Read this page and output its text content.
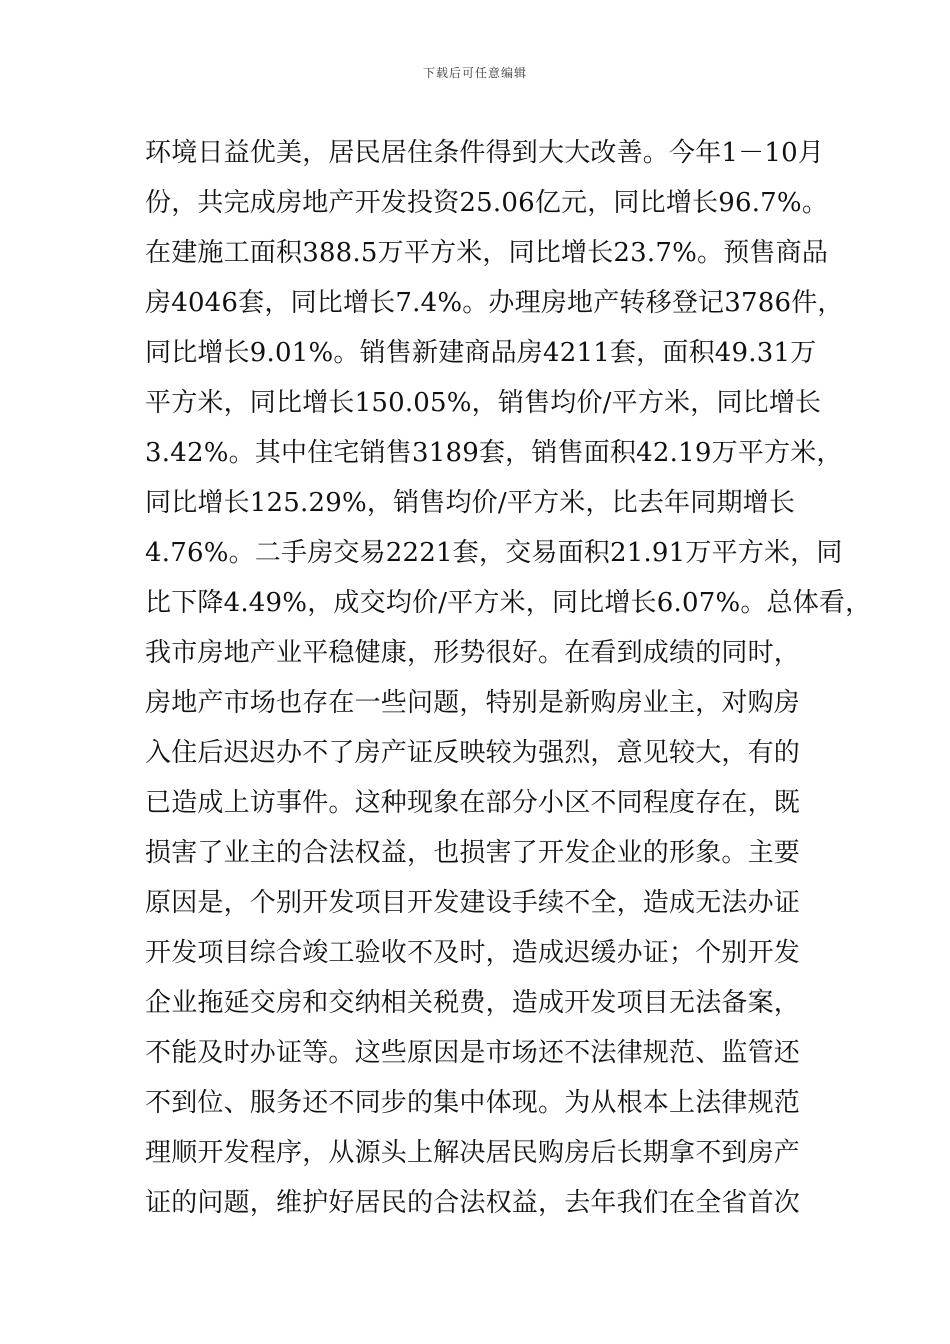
下载后可任意编辑
环境日益优美，居民居住条件得到大大改善。今年1－10月
份，共完成房地产开发投资25.06亿元，同比增长96.7%。
在建施工面积388.5万平方米，同比增长23.7%。预售商品
房4046套，同比增长7.4%。办理房地产转移登记3786件，
同比增长9.01%。销售新建商品房4211套，面积49.31万
平方米，同比增长150.05%，销售均价/平方米，同比增长
3.42%。其中住宅销售3189套，销售面积42.19万平方米，
同比增长125.29%，销售均价/平方米，比去年同期增长
4.76%。二手房交易2221套，交易面积21.91万平方米，同
比下降4.49%，成交均价/平方米，同比增长6.07%。总体看，
我市房地产业平稳健康，形势很好。在看到成绩的同时，
房地产市场也存在一些问题，特别是新购房业主，对购房
入住后迟迟办不了房产证反映较为强烈，意见较大，有的
已造成上访事件。这种现象在部分小区不同程度存在，既
损害了业主的合法权益，也损害了开发企业的形象。主要
原因是，个别开发项目开发建设手续不全，造成无法办证
开发项目综合竣工验收不及时，造成迟缓办证；个别开发
企业拖延交房和交纳相关税费，造成开发项目无法备案，
不能及时办证等。这些原因是市场还不法律规范、监管还
不到位、服务还不同步的集中体现。为从根本上法律规范
理顺开发程序，从源头上解决居民购房后长期拿不到房产
证的问题，维护好居民的合法权益，去年我们在全省首次
